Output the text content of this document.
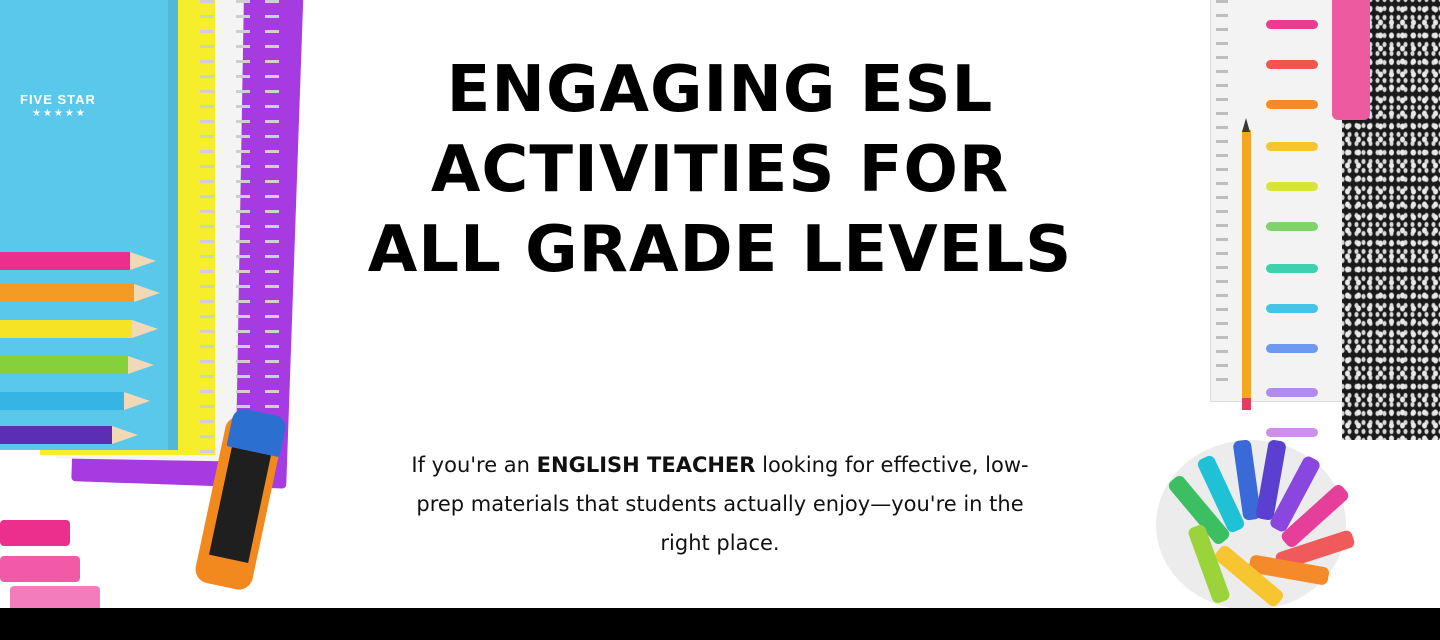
FIVE STAR
★★★★★	ENGAGING ESL
ACTIVITIES FOR
ALL GRADE LEVELS

If you're an ENGLISH TEACHER looking for effective, low-prep materials that students actually enjoy—you're in the right place.
